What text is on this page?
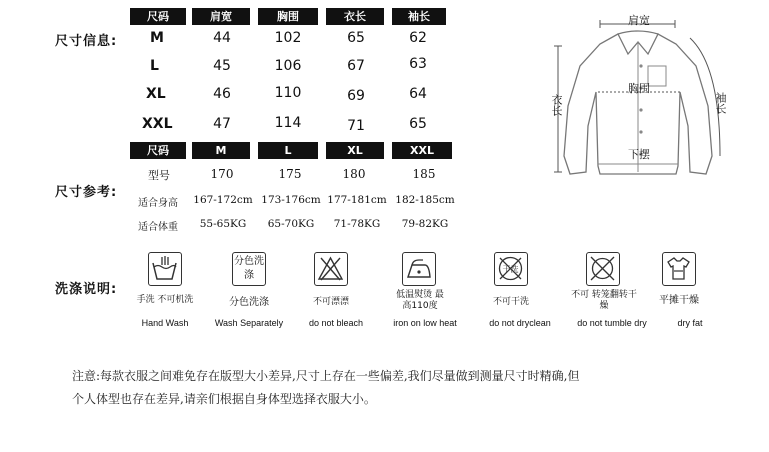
尺寸信息:
尺码	肩宽	胸围	衣长	袖长
M	44	102	65	62
L	45	106	67	63
XL	46	110	69	64
XXL	47	114	71	65
尺寸参考:
尺码	M	L	XL	XXL
型号	170	175	180	185
适合身高	167-172cm 173-176cm 177-181cm 182-185cm
适合体重	55-65KG	65-70KG	71-78KG	79-82KG
肩宽
胸围
衣长	袖长
下摆
洗涤说明:
手洗 不可机洗
Hand Wash
分色洗涤
分色洗涤
Wash Separately
不可漂漂
do not bleach
低温熨烫 最高110度
iron on low heat
干洗
不可干洗
do not dryclean
不可 转笼翻转干燥
do not tumble dry
平摊干燥
dry fat
注意:每款衣服之间难免存在版型大小差异,尺寸上存在一些偏差,我们尽量做到测量尺寸时精确,但
个人体型也存在差异,请亲们根据自身体型选择衣服大小。
